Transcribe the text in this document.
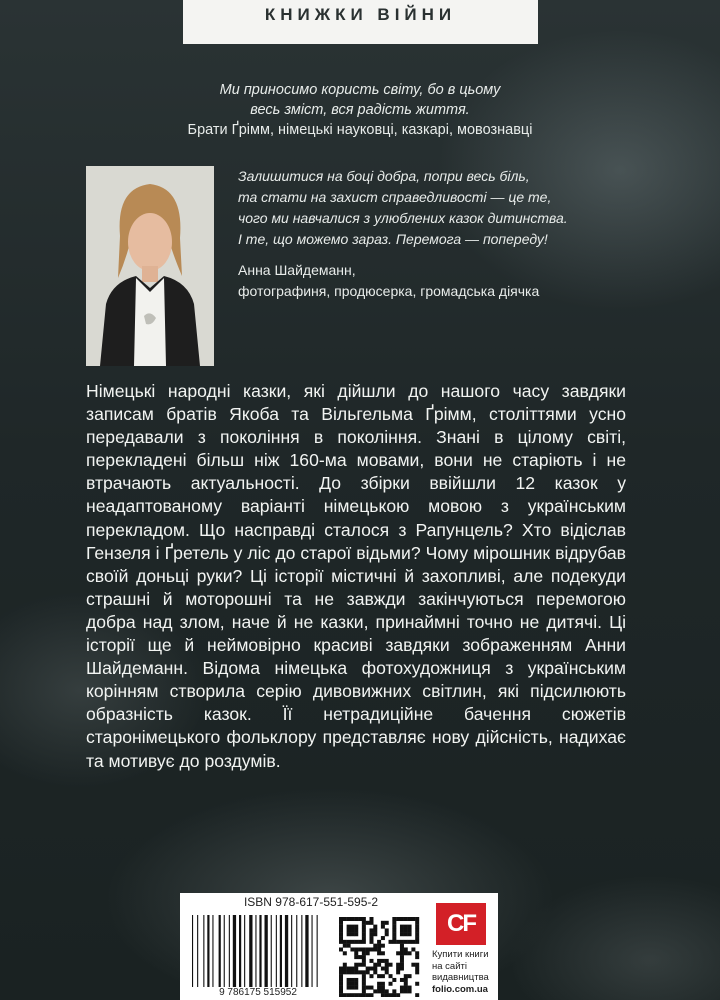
КНИЖКИ ВІЙНИ
Ми приносимо користь світу, бо в цьому
весь зміст, вся радість життя.
Брати Ґрімм, німецькі науковці, казкарі, мовознавці
Залишитися на боці добра, попри весь біль,
та стати на захист справедливості — це те,
чого ми навчалися з улюблених казок дитинства.
І те, що можемо зараз. Перемога — попереду!
Анна Шайдеманн,
фотографиня, продюсерка, громадська діячка
Німецькі народні казки, які дійшли до нашого часу завдяки записам братів Якоба та Вільгельма Ґрімм, століттями усно передавали з покоління в покоління. Знані в цілому світі, перекладені більш ніж 160-ма мовами, вони не старіють і не втрачають актуальності. До збірки ввійшли 12 казок у неадаптованому варіанті німецькою мовою з українським перекладом. Що насправді сталося з Рапунцель? Хто відіслав Гензеля і Ґретель у ліс до старої відьми? Чому мірошник відрубав своїй доньці руки? Ці історії містичні й захопливі, але подекуди страшні й моторошні та не завжди закінчуються перемогою добра над злом, наче й не казки, принаймні точно не дитячі. Ці історії ще й неймовірно красиві завдяки зображенням Анни Шайдеманн. Відома німецька фотохудожниця з українським корінням створила серію дивовижних світлин, які підсилюють образність казок. Її нетрадиційне бачення сюжетів старонімецького фольклору представляє нову дійсність, надихає та мотивує до роздумів.
ISBN 978-617-551-595-2
9 786175 515952
CF
Купити книги
на сайті
видавництва
folio.com.ua
